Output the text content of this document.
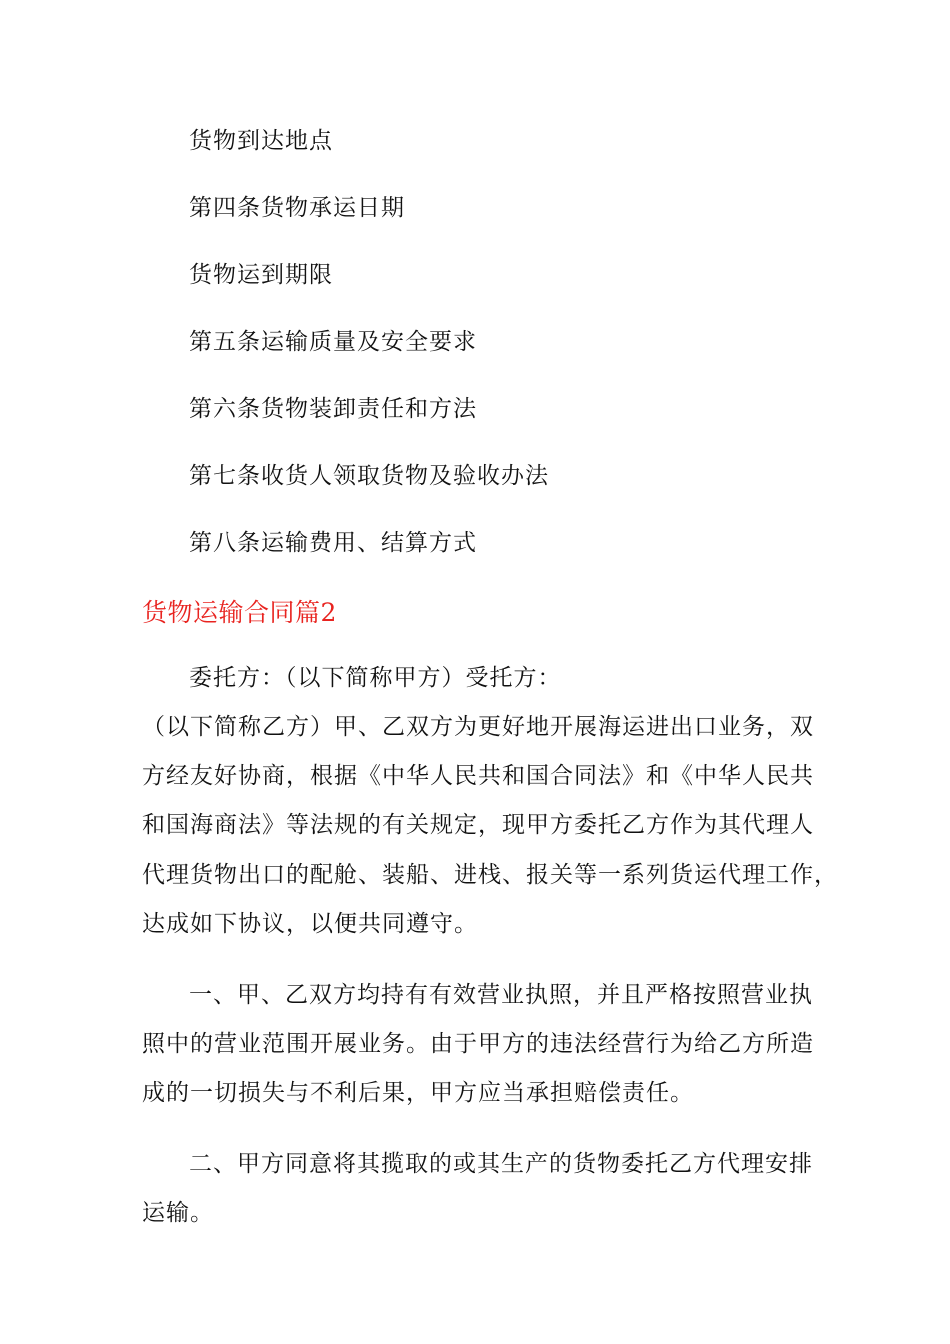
货物到达地点
第四条货物承运日期
货物运到期限
第五条运输质量及安全要求
第六条货物装卸责任和方法
第七条收货人领取货物及验收办法
第八条运输费用、结算方式
货物运输合同篇2
委托方：（以下简称甲方）受托方：
（以下简称乙方）甲、乙双方为更好地开展海运进出口业务，双
方经友好协商，根据《中华人民共和国合同法》和《中华人民共
和国海商法》等法规的有关规定，现甲方委托乙方作为其代理人
代理货物出口的配舱、装船、进栈、报关等一系列货运代理工作，
达成如下协议，以便共同遵守。
一、甲、乙双方均持有有效营业执照，并且严格按照营业执
照中的营业范围开展业务。由于甲方的违法经营行为给乙方所造
成的一切损失与不利后果，甲方应当承担赔偿责任。
二、甲方同意将其揽取的或其生产的货物委托乙方代理安排
运输。
